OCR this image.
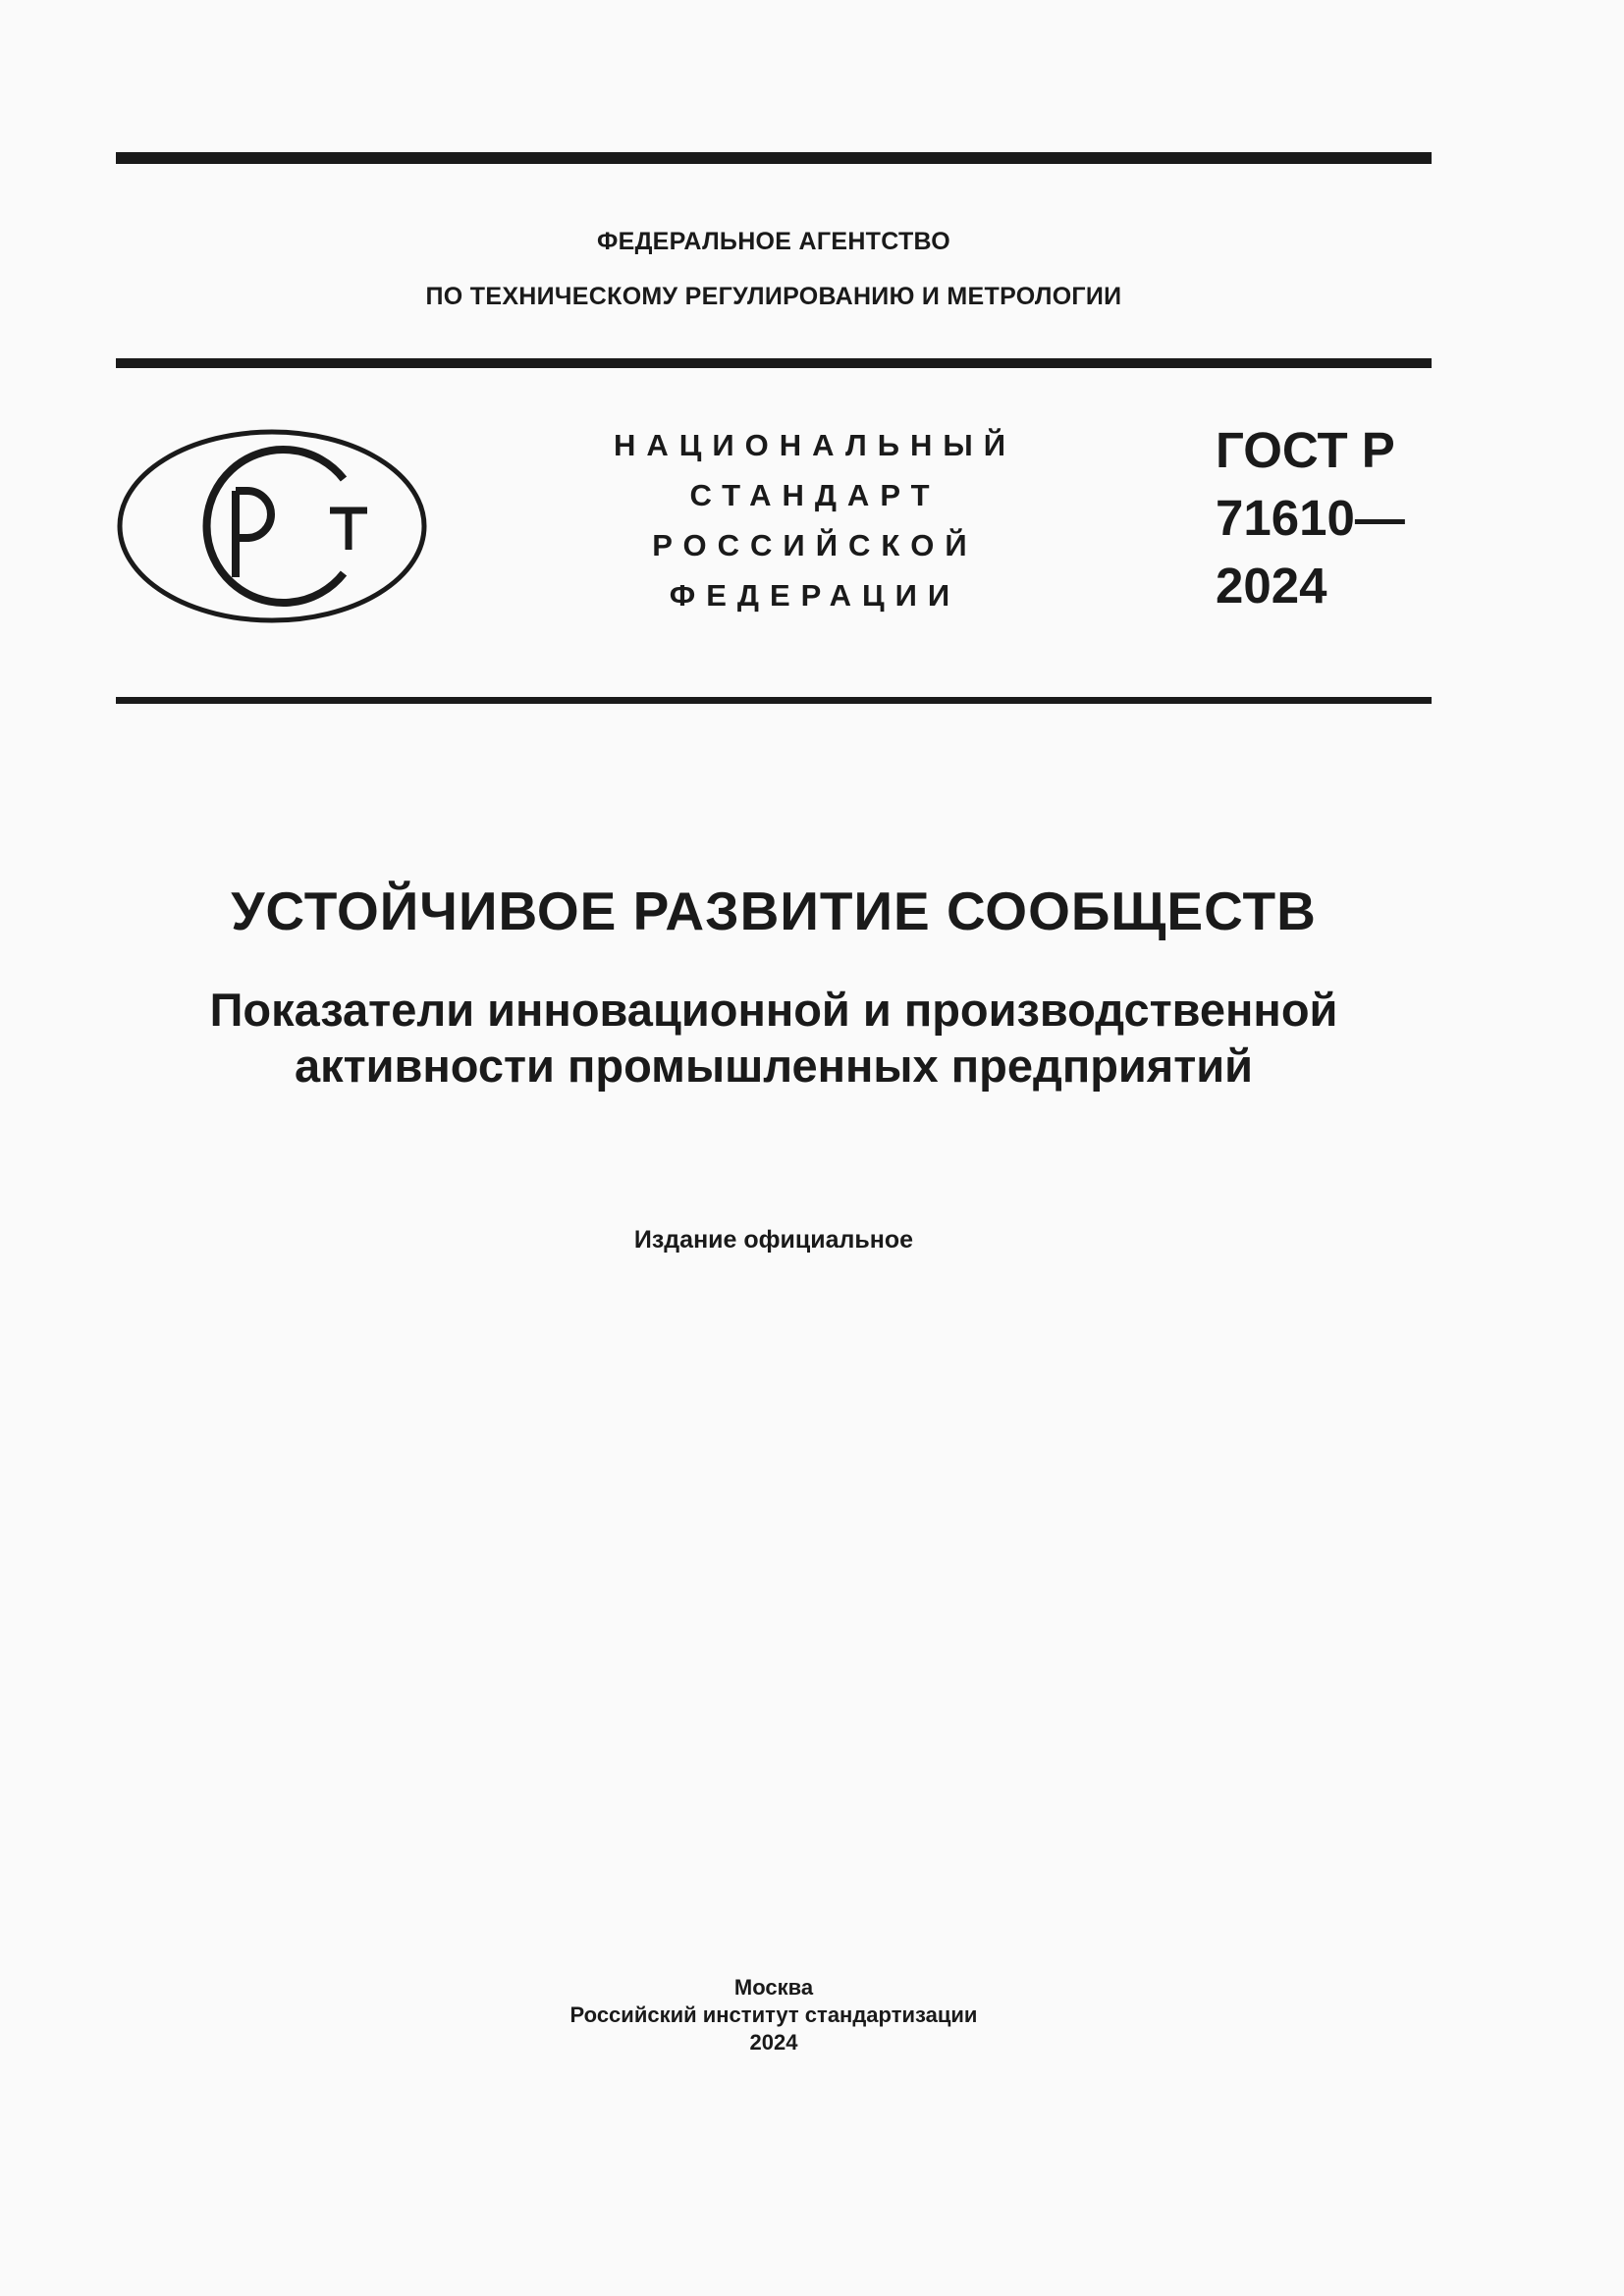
ФЕДЕРАЛЬНОЕ АГЕНТСТВО
ПО ТЕХНИЧЕСКОМУ РЕГУЛИРОВАНИЮ И МЕТРОЛОГИИ
НАЦИОНАЛЬНЫЙ
СТАНДАРТ
РОССИЙСКОЙ
ФЕДЕРАЦИИ
ГОСТ Р
71610—
2024
УСТОЙЧИВОЕ РАЗВИТИЕ СООБЩЕСТВ
Показатели инновационной и производственной
активности промышленных предприятий
Издание официальное
Москва
Российский институт стандартизации
2024
